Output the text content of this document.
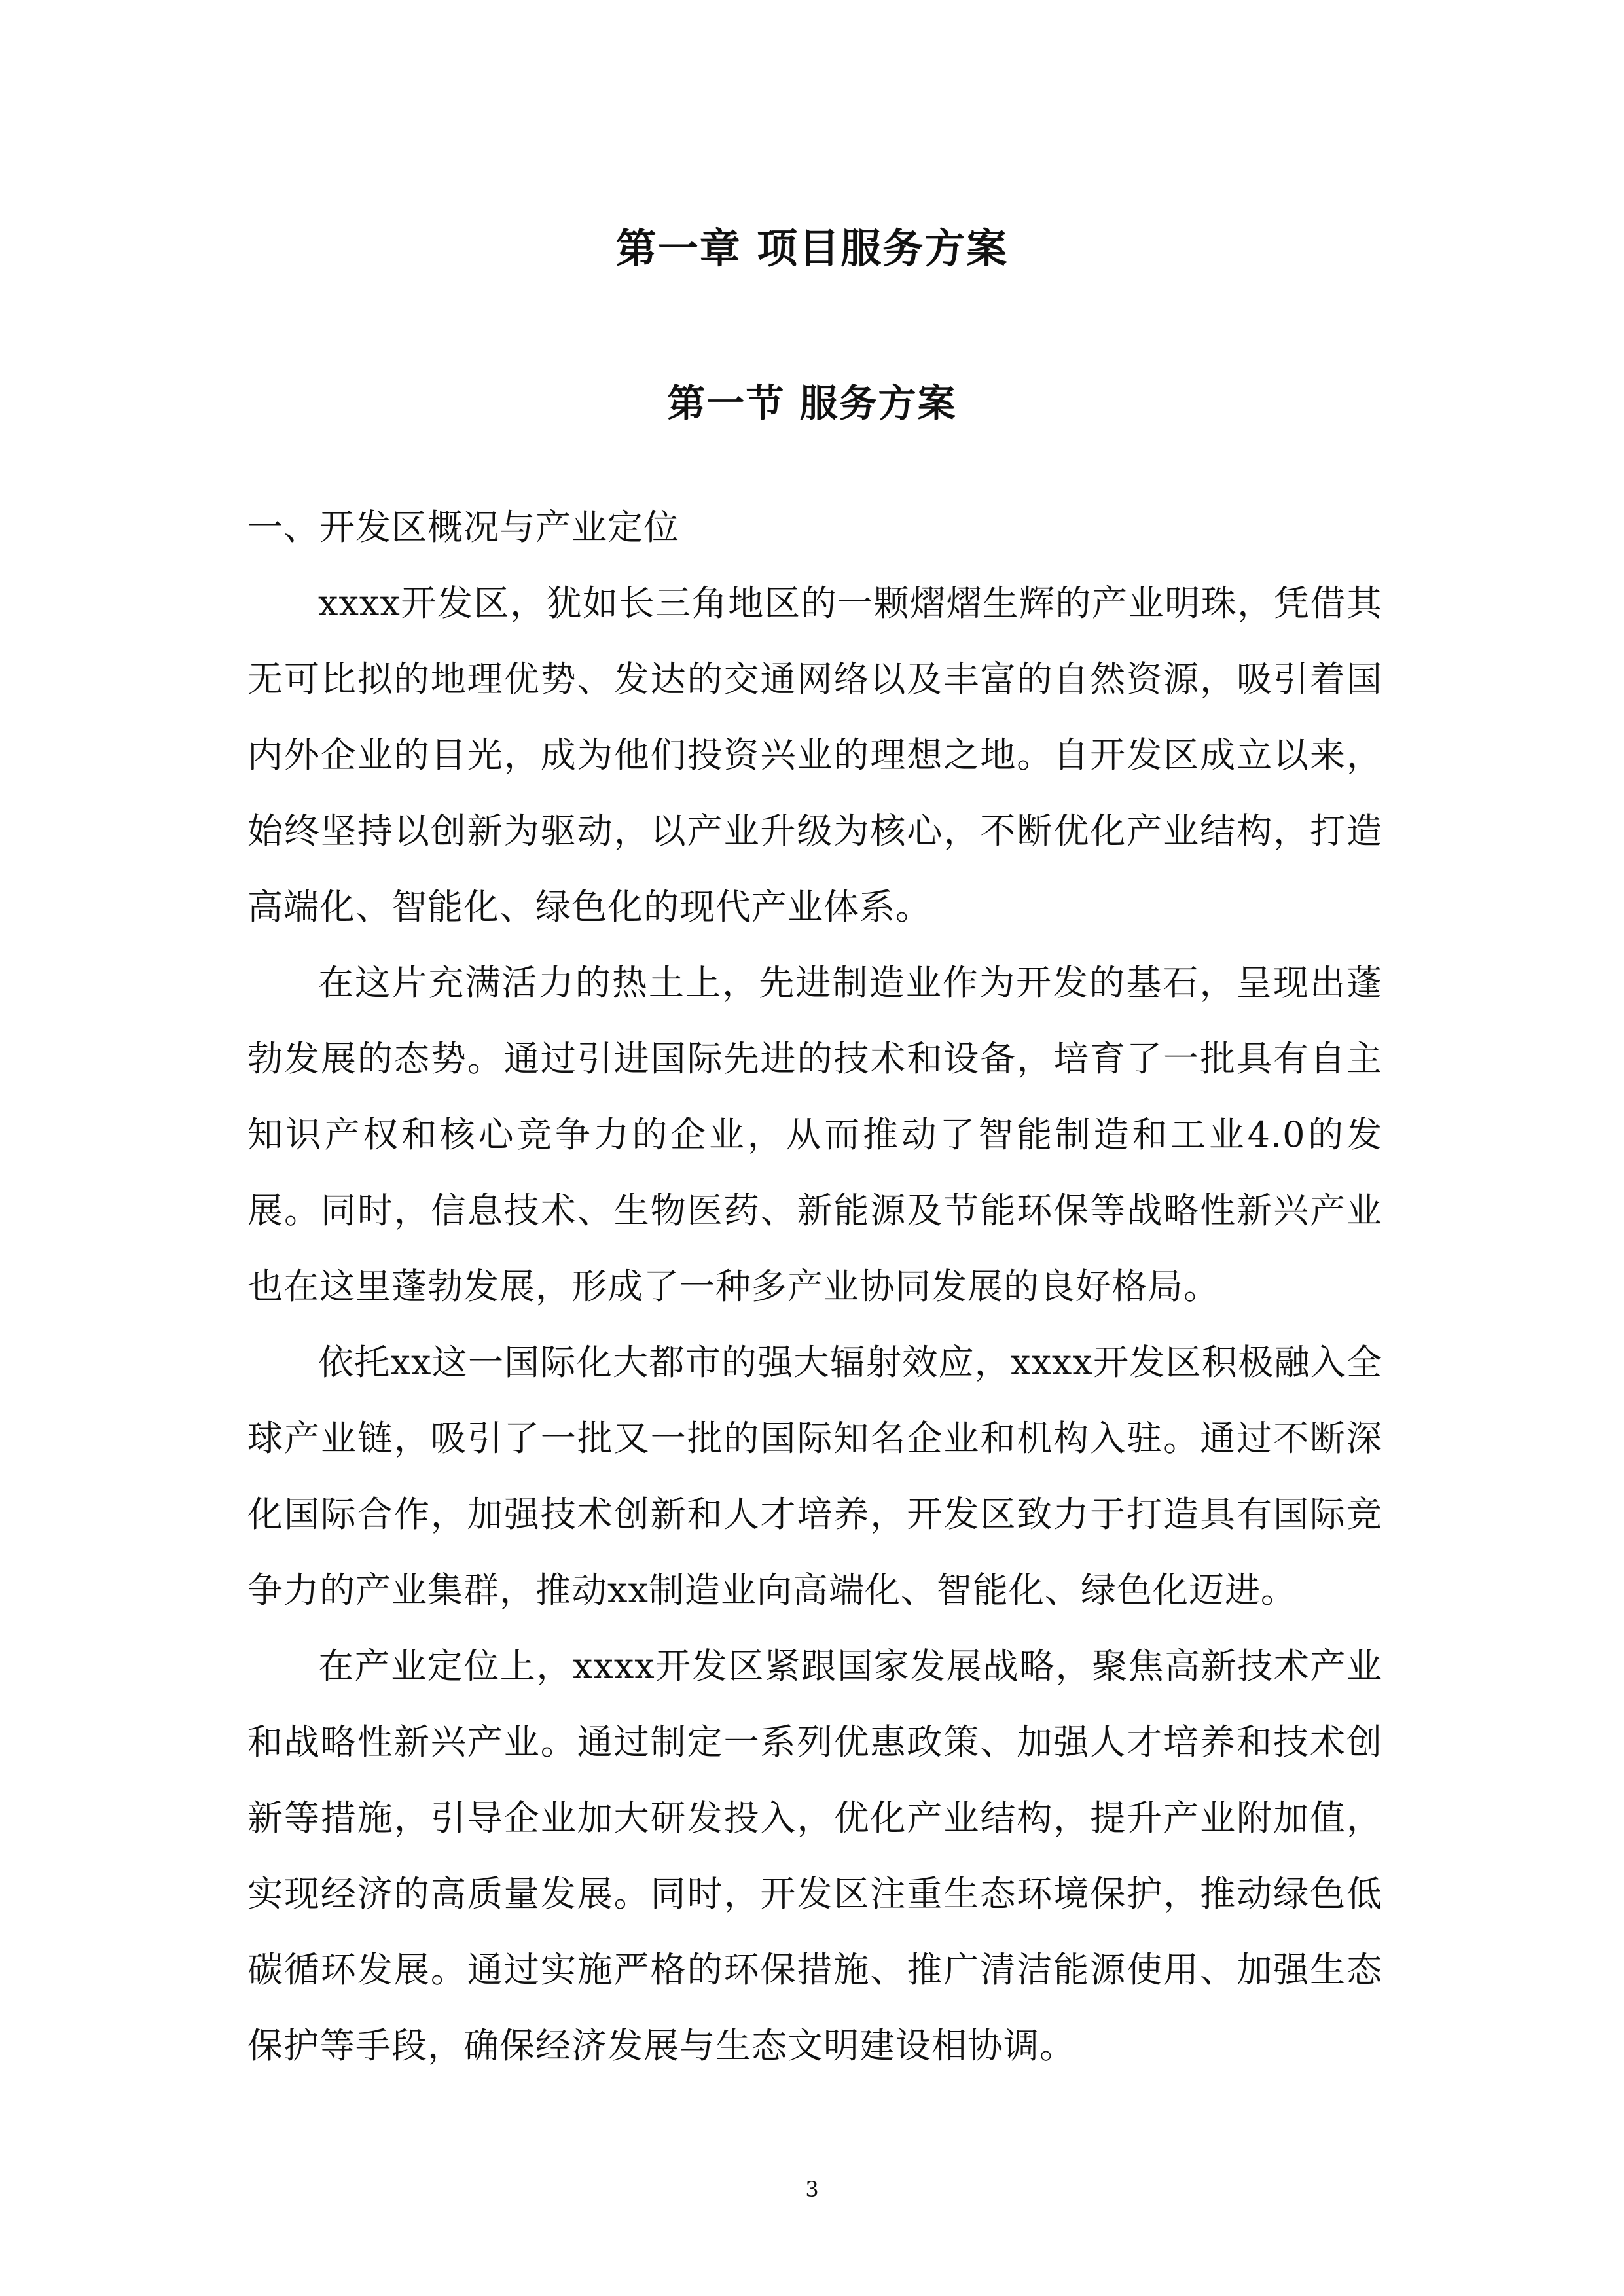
第一章 项目服务方案
第一节 服务方案

一、开发区概况与产业定位

xxxx开发区，犹如长三角地区的一颗熠熠生辉的产业明珠，凭借其无可比拟的地理优势、发达的交通网络以及丰富的自然资源，吸引着国内外企业的目光，成为他们投资兴业的理想之地。自开发区成立以来，始终坚持以创新为驱动，以产业升级为核心，不断优化产业结构，打造高端化、智能化、绿色化的现代产业体系。

在这片充满活力的热土上，先进制造业作为开发的基石，呈现出蓬勃发展的态势。通过引进国际先进的技术和设备，培育了一批具有自主知识产权和核心竞争力的企业，从而推动了智能制造和工业4.0的发展。同时，信息技术、生物医药、新能源及节能环保等战略性新兴产业也在这里蓬勃发展，形成了一种多产业协同发展的良好格局。

依托xx这一国际化大都市的强大辐射效应，xxxx开发区积极融入全球产业链，吸引了一批又一批的国际知名企业和机构入驻。通过不断深化国际合作，加强技术创新和人才培养，开发区致力于打造具有国际竞争力的产业集群，推动xx制造业向高端化、智能化、绿色化迈进。

在产业定位上，xxxx开发区紧跟国家发展战略，聚焦高新技术产业和战略性新兴产业。通过制定一系列优惠政策、加强人才培养和技术创新等措施，引导企业加大研发投入，优化产业结构，提升产业附加值，实现经济的高质量发展。同时，开发区注重生态环境保护，推动绿色低碳循环发展。通过实施严格的环保措施、推广清洁能源使用、加强生态保护等手段，确保经济发展与生态文明建设相协调。

3
